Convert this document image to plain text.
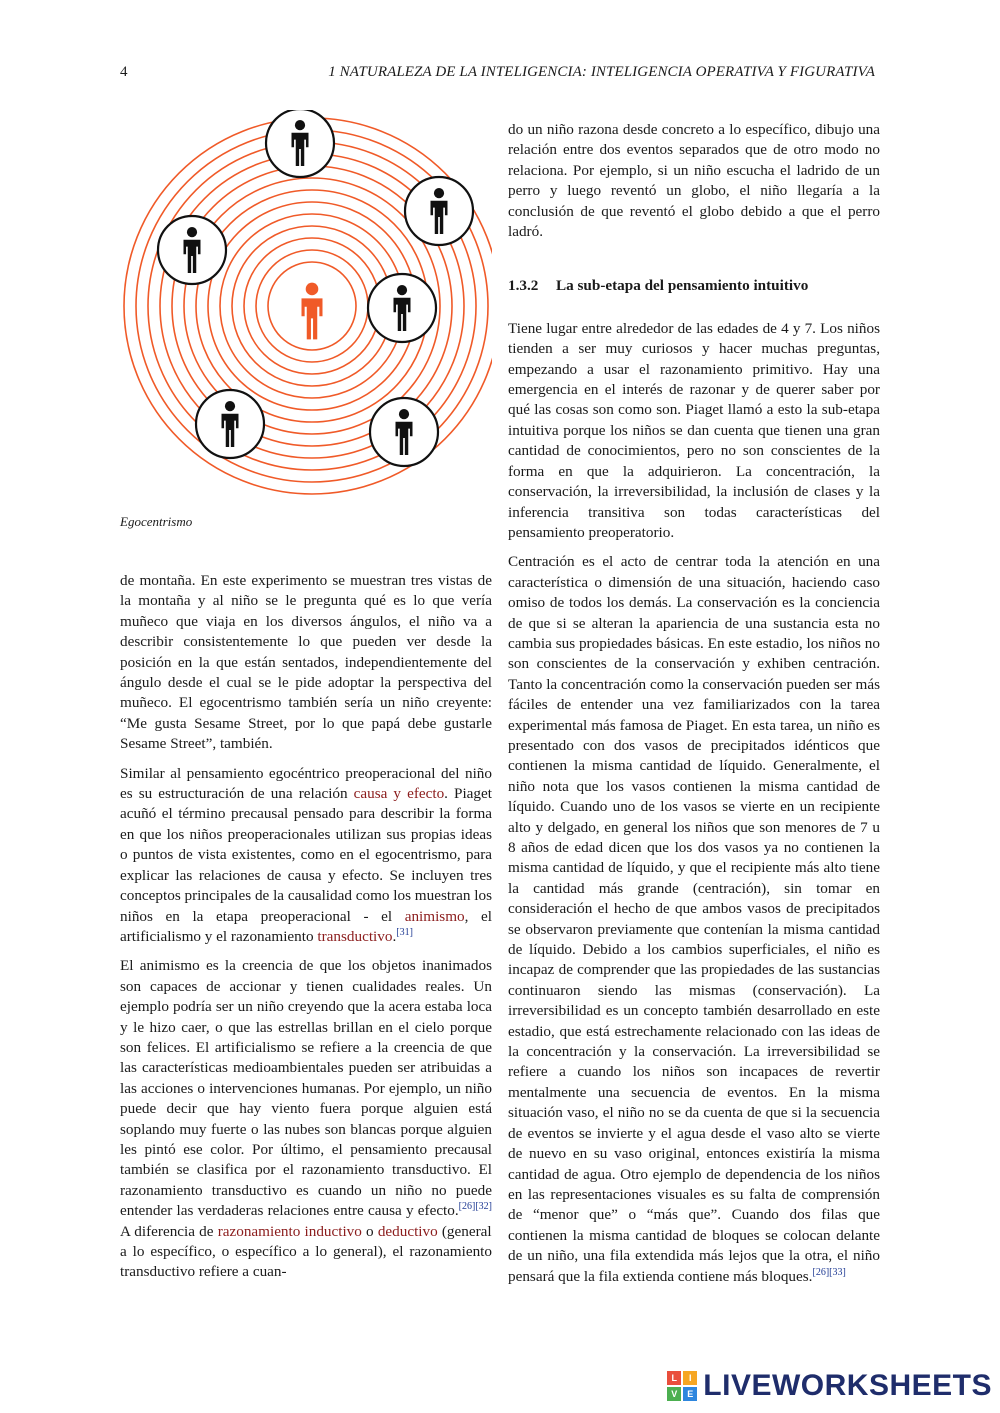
4	1 NATURALEZA DE LA INTELIGENCIA: INTELIGENCIA OPERATIVA Y FIGURATIVA
Egocentrismo

de montaña. En este experimento se muestran tres vistas de la montaña y al niño se le pregunta qué es lo que vería muñeco que viaja en los diversos ángulos, el niño va a describir consistentemente lo que pueden ver desde la posición en la que están sentados, independientemente del ángulo desde el cual se le pide adoptar la perspectiva del muñeco. El egocentrismo también sería un niño creyente: “Me gusta Sesame Street, por lo que papá debe gustarle Sesame Street”, también.

Similar al pensamiento egocéntrico preoperacional del niño es su estructuración de una relación causa y efecto. Piaget acuñó el término precausal pensado para describir la forma en que los niños preoperacionales utilizan sus propias ideas o puntos de vista existentes, como en el egocentrismo, para explicar las relaciones de causa y efecto. Se incluyen tres conceptos principales de la causalidad como los muestran los niños en la etapa preoperacional - el animismo, el artificialismo y el razonamiento transductivo.[31]

El animismo es la creencia de que los objetos inanimados son capaces de accionar y tienen cualidades reales. Un ejemplo podría ser un niño creyendo que la acera estaba loca y le hizo caer, o que las estrellas brillan en el cielo porque son felices. El artificialismo se refiere a la creencia de que las características medioambientales pueden ser atribuidas a las acciones o intervenciones humanas. Por ejemplo, un niño puede decir que hay viento fuera porque alguien está soplando muy fuerte o las nubes son blancas porque alguien les pintó ese color. Por último, el pensamiento precausal también se clasifica por el razonamiento transductivo. El razonamiento transductivo es cuando un niño no puede entender las verdaderas relaciones entre causa y efecto.[26][32] A diferencia de razonamiento inductivo o deductivo (general a lo específico, o específico a lo general), el razonamiento transductivo refiere a cuan-

do un niño razona desde concreto a lo específico, dibujo una relación entre dos eventos separados que de otro modo no relaciona. Por ejemplo, si un niño escucha el ladrido de un perro y luego reventó un globo, el niño llegaría a la conclusión de que reventó el globo debido a que el perro ladró.

1.3.2 La sub-etapa del pensamiento intuitivo

Tiene lugar entre alrededor de las edades de 4 y 7. Los niños tienden a ser muy curiosos y hacer muchas preguntas, empezando a usar el razonamiento primitivo. Hay una emergencia en el interés de razonar y de querer saber por qué las cosas son como son. Piaget llamó a esto la sub-etapa intuitiva porque los niños se dan cuenta que tienen una gran cantidad de conocimientos, pero no son conscientes de la forma en que la adquirieron. La concentración, la conservación, la irreversibilidad, la inclusión de clases y la inferencia transitiva son todas características del pensamiento preoperatorio.

Centración es el acto de centrar toda la atención en una característica o dimensión de una situación, haciendo caso omiso de todos los demás. La conservación es la conciencia de que si se alteran la apariencia de una sustancia esta no cambia sus propiedades básicas. En este estadio, los niños no son conscientes de la conservación y exhiben centración. Tanto la concentración como la conservación pueden ser más fáciles de entender una vez familiarizados con la tarea experimental más famosa de Piaget. En esta tarea, un niño es presentado con dos vasos de precipitados idénticos que contienen la misma cantidad de líquido. Generalmente, el niño nota que los vasos contienen la misma cantidad de líquido. Cuando uno de los vasos se vierte en un recipiente alto y delgado, en general los niños que son menores de 7 u 8 años de edad dicen que los dos vasos ya no contienen la misma cantidad de líquido, y que el recipiente más alto tiene la cantidad más grande (centración), sin tomar en consideración el hecho de que ambos vasos de precipitados se observaron previamente que contenían la misma cantidad de líquido. Debido a los cambios superficiales, el niño es incapaz de comprender que las propiedades de las sustancias continuaron siendo las mismas (conservación). La irreversibilidad es un concepto también desarrollado en este estadio, que está estrechamente relacionado con las ideas de la concentración y la conservación. La irreversibilidad se refiere a cuando los niños son incapaces de revertir mentalmente una secuencia de eventos. En la misma situación vaso, el niño no se da cuenta de que si la secuencia de eventos se invierte y el agua desde el vaso alto se vierte de nuevo en su vaso original, entonces existiría la misma cantidad de agua. Otro ejemplo de dependencia de los niños en las representaciones visuales es su falta de comprensión de “menor que” o “más que”. Cuando dos filas que contienen la misma cantidad de bloques se colocan delante de un niño, una fila extendida más lejos que la otra, el niño pensará que la fila extienda contiene más bloques.[26][33]

L	I
V	E LIVEWORKSHEETS
